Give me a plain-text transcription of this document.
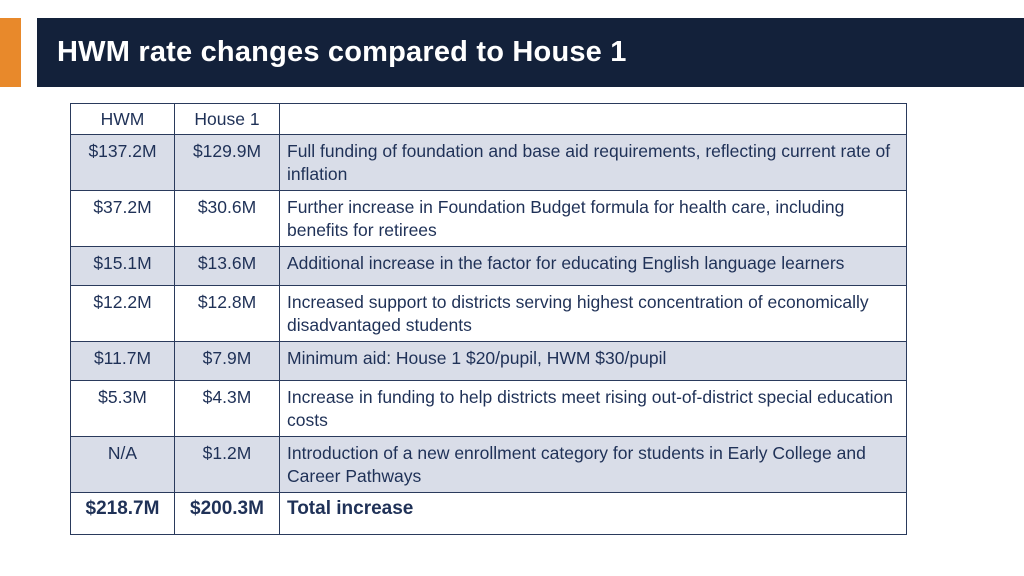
HWM rate changes compared to House 1
HWM	House 1	
$137.2M	$129.9M	Full funding of foundation and base aid requirements, reflecting current rate of inflation
$37.2M	$30.6M	Further increase in Foundation Budget formula for health care, including benefits for retirees
$15.1M	$13.6M	Additional increase in the factor for educating English language learners
$12.2M	$12.8M	Increased support to districts serving highest concentration of economically disadvantaged students
$11.7M	$7.9M	Minimum aid: House 1 $20/pupil, HWM $30/pupil
$5.3M	$4.3M	Increase in funding to help districts meet rising out-of-district special education costs
N/A	$1.2M	Introduction of a new enrollment category for students in Early College and Career Pathways
$218.7M	$200.3M	Total increase
